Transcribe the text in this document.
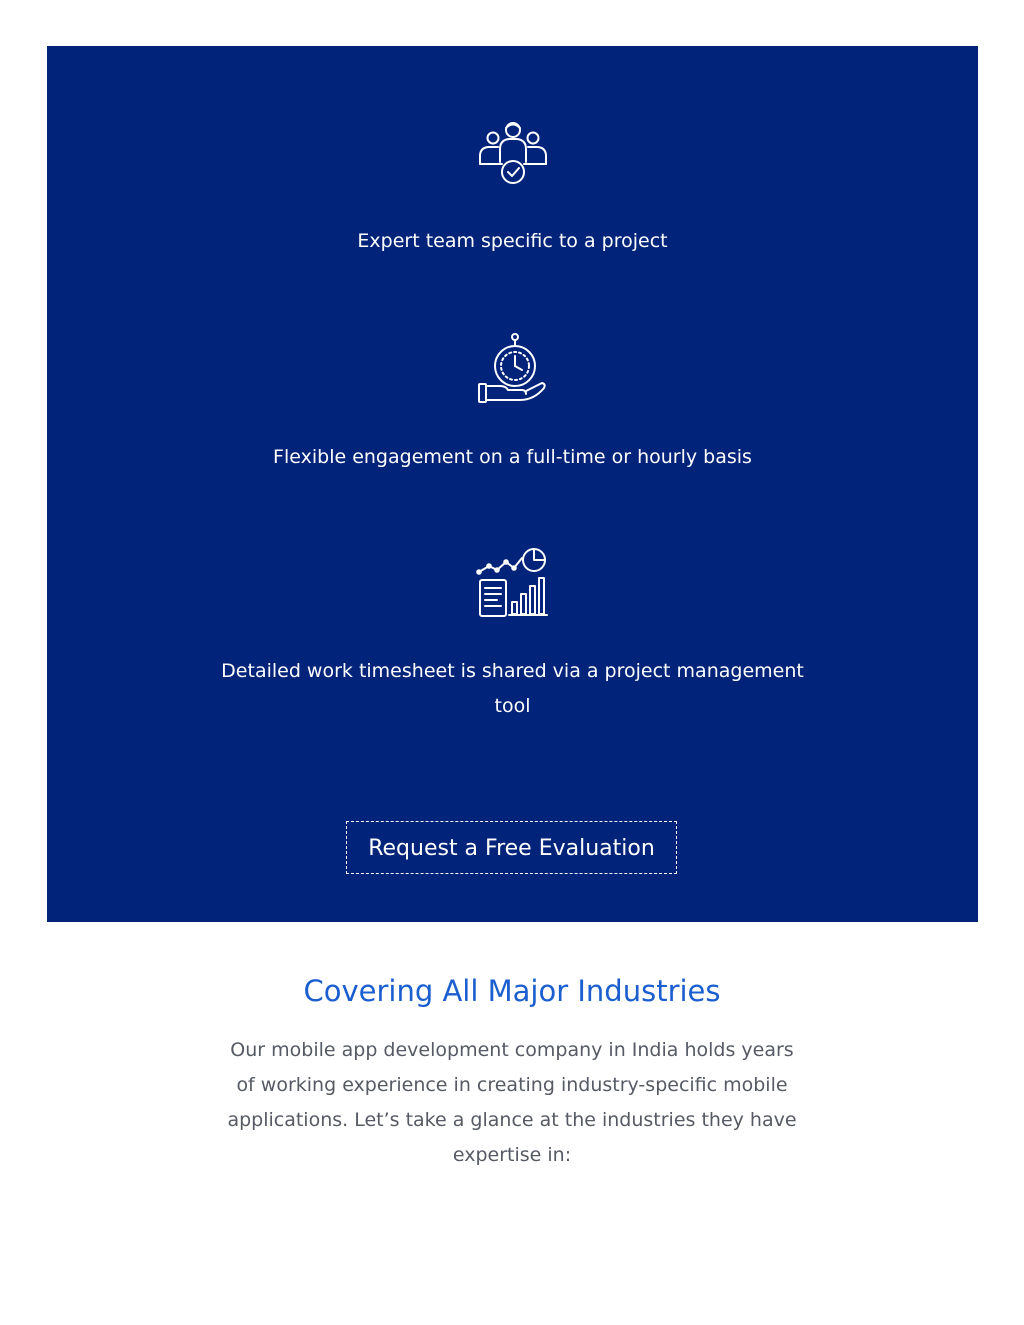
Expert team specific to a project
Flexible engagement on a full-time or hourly basis
Detailed work timesheet is shared via a project management tool
Request a Free Evaluation
Covering All Major Industries

Our mobile app development company in India holds years of working experience in creating industry-specific mobile applications. Let’s take a glance at the industries they have expertise in:
